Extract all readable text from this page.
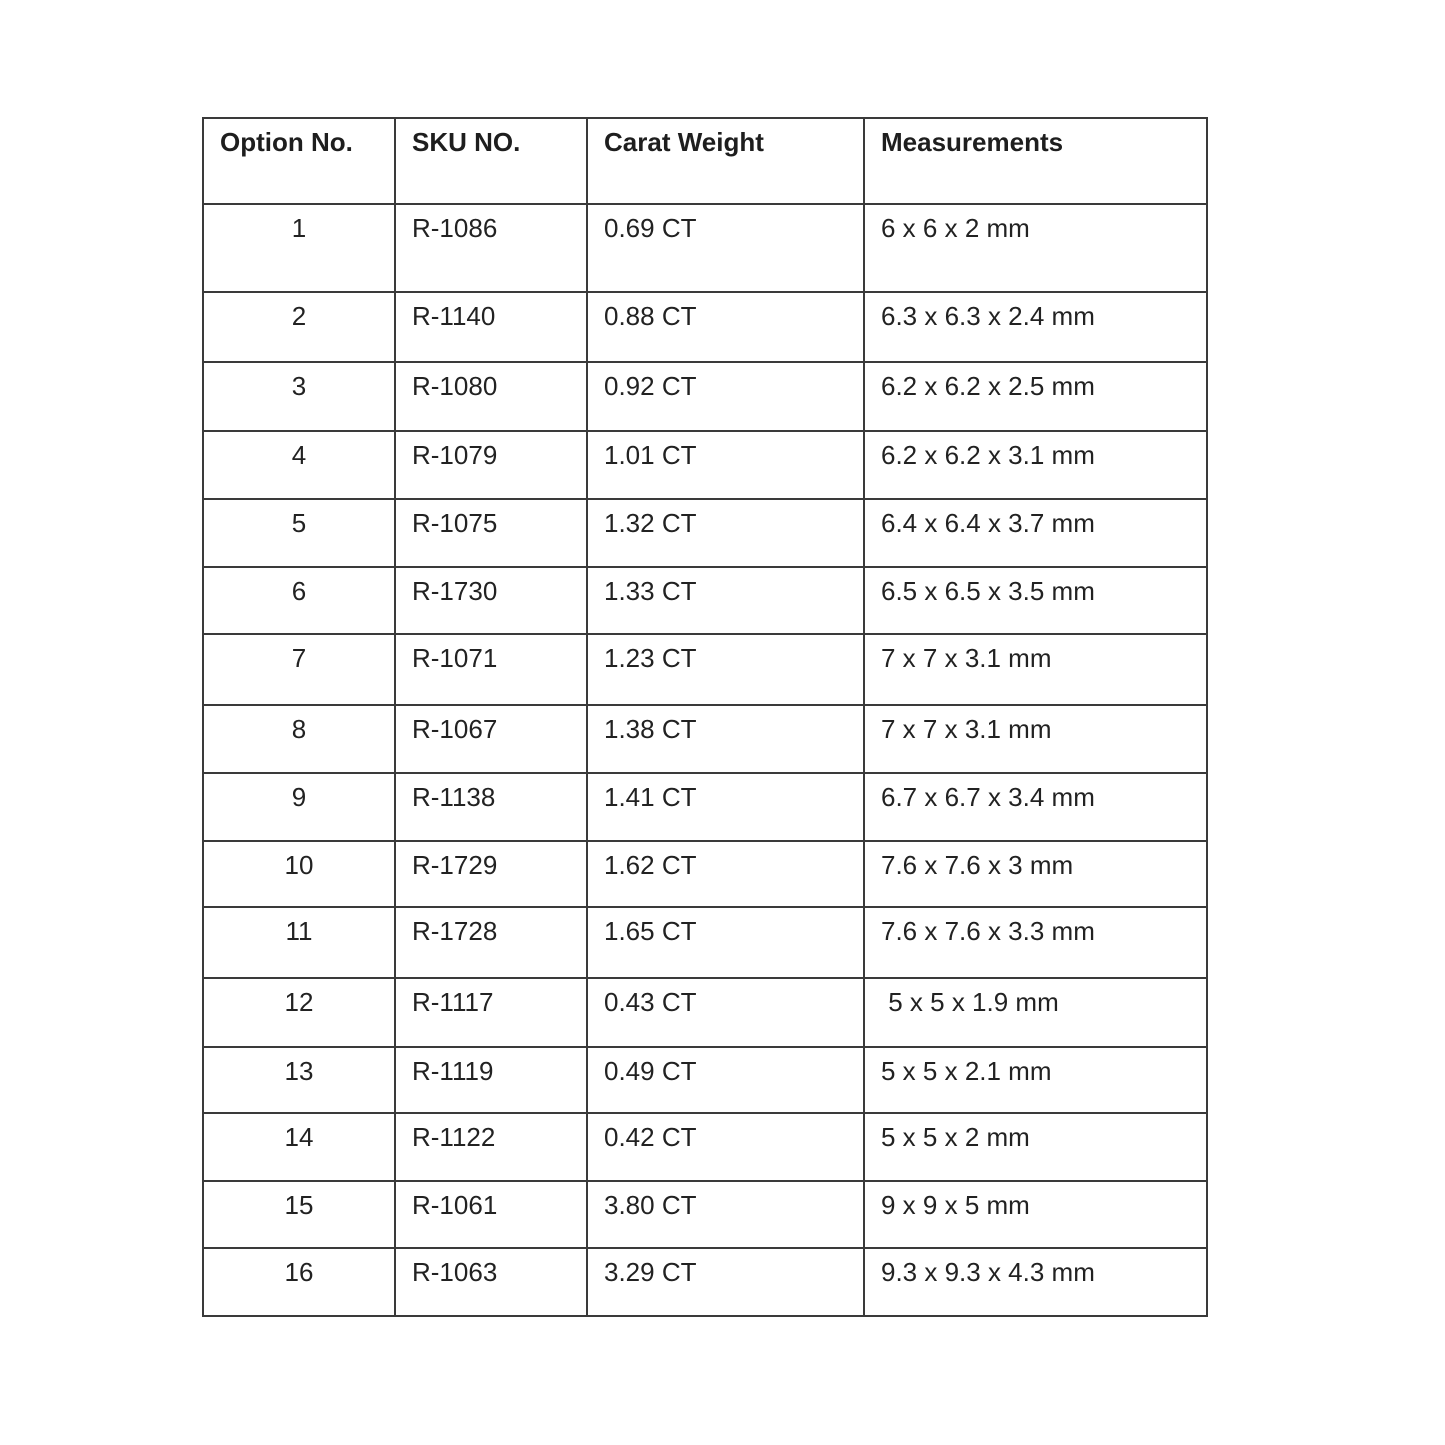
Option No.	SKU NO.	Carat Weight	Measurements
1	R-1086	0.69 CT	6 x 6 x 2 mm
2	R-1140	0.88 CT	6.3 x 6.3 x 2.4 mm
3	R-1080	0.92 CT	6.2 x 6.2 x 2.5 mm
4	R-1079	1.01 CT	6.2 x 6.2 x 3.1 mm
5	R-1075	1.32 CT	6.4 x 6.4 x 3.7 mm
6	R-1730	1.33 CT	6.5 x 6.5 x 3.5 mm
7	R-1071	1.23 CT	7 x 7 x 3.1 mm
8	R-1067	1.38 CT	7 x 7 x 3.1 mm
9	R-1138	1.41 CT	6.7 x 6.7 x 3.4 mm
10	R-1729	1.62 CT	7.6 x 7.6 x 3 mm
11	R-1728	1.65 CT	7.6 x 7.6 x 3.3 mm
12	R-1117	0.43 CT	5 x 5 x 1.9 mm
13	R-1119	0.49 CT	5 x 5 x 2.1 mm
14	R-1122	0.42 CT	5 x 5 x 2 mm
15	R-1061	3.80 CT	9 x 9 x 5 mm
16	R-1063	3.29 CT	9.3 x 9.3 x 4.3 mm
